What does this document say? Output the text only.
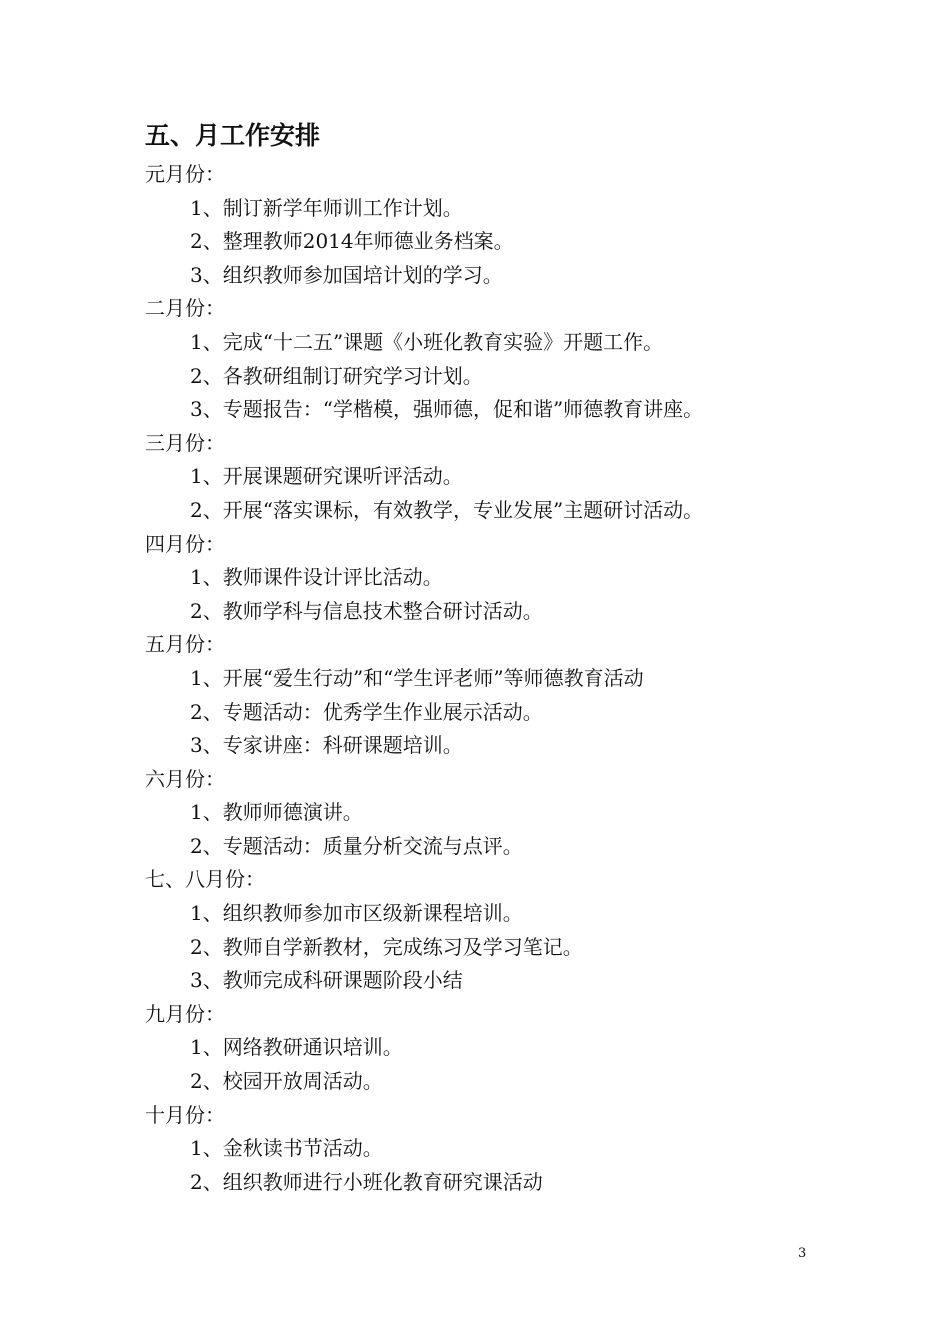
五、月工作安排

元月份：

1、制订新学年师训工作计划。

2、整理教师2014年师德业务档案。

3、组织教师参加国培计划的学习。

二月份：

1、完成“十二五”课题《小班化教育实验》开题工作。

2、各教研组制订研究学习计划。

3、专题报告：“学楷模，强师德，促和谐”师德教育讲座。

三月份：

1、开展课题研究课听评活动。

2、开展“落实课标，有效教学，专业发展”主题研讨活动。

四月份：

1、教师课件设计评比活动。

2、教师学科与信息技术整合研讨活动。

五月份：

1、开展“爱生行动”和“学生评老师”等师德教育活动

2、专题活动：优秀学生作业展示活动。

3、专家讲座：科研课题培训。

六月份：

1、教师师德演讲。

2、专题活动：质量分析交流与点评。

七、八月份：

1、组织教师参加市区级新课程培训。

2、教师自学新教材，完成练习及学习笔记。

3、教师完成科研课题阶段小结

九月份：

1、网络教研通识培训。

2、校园开放周活动。

十月份：

1、金秋读书节活动。

2、组织教师进行小班化教育研究课活动

3
